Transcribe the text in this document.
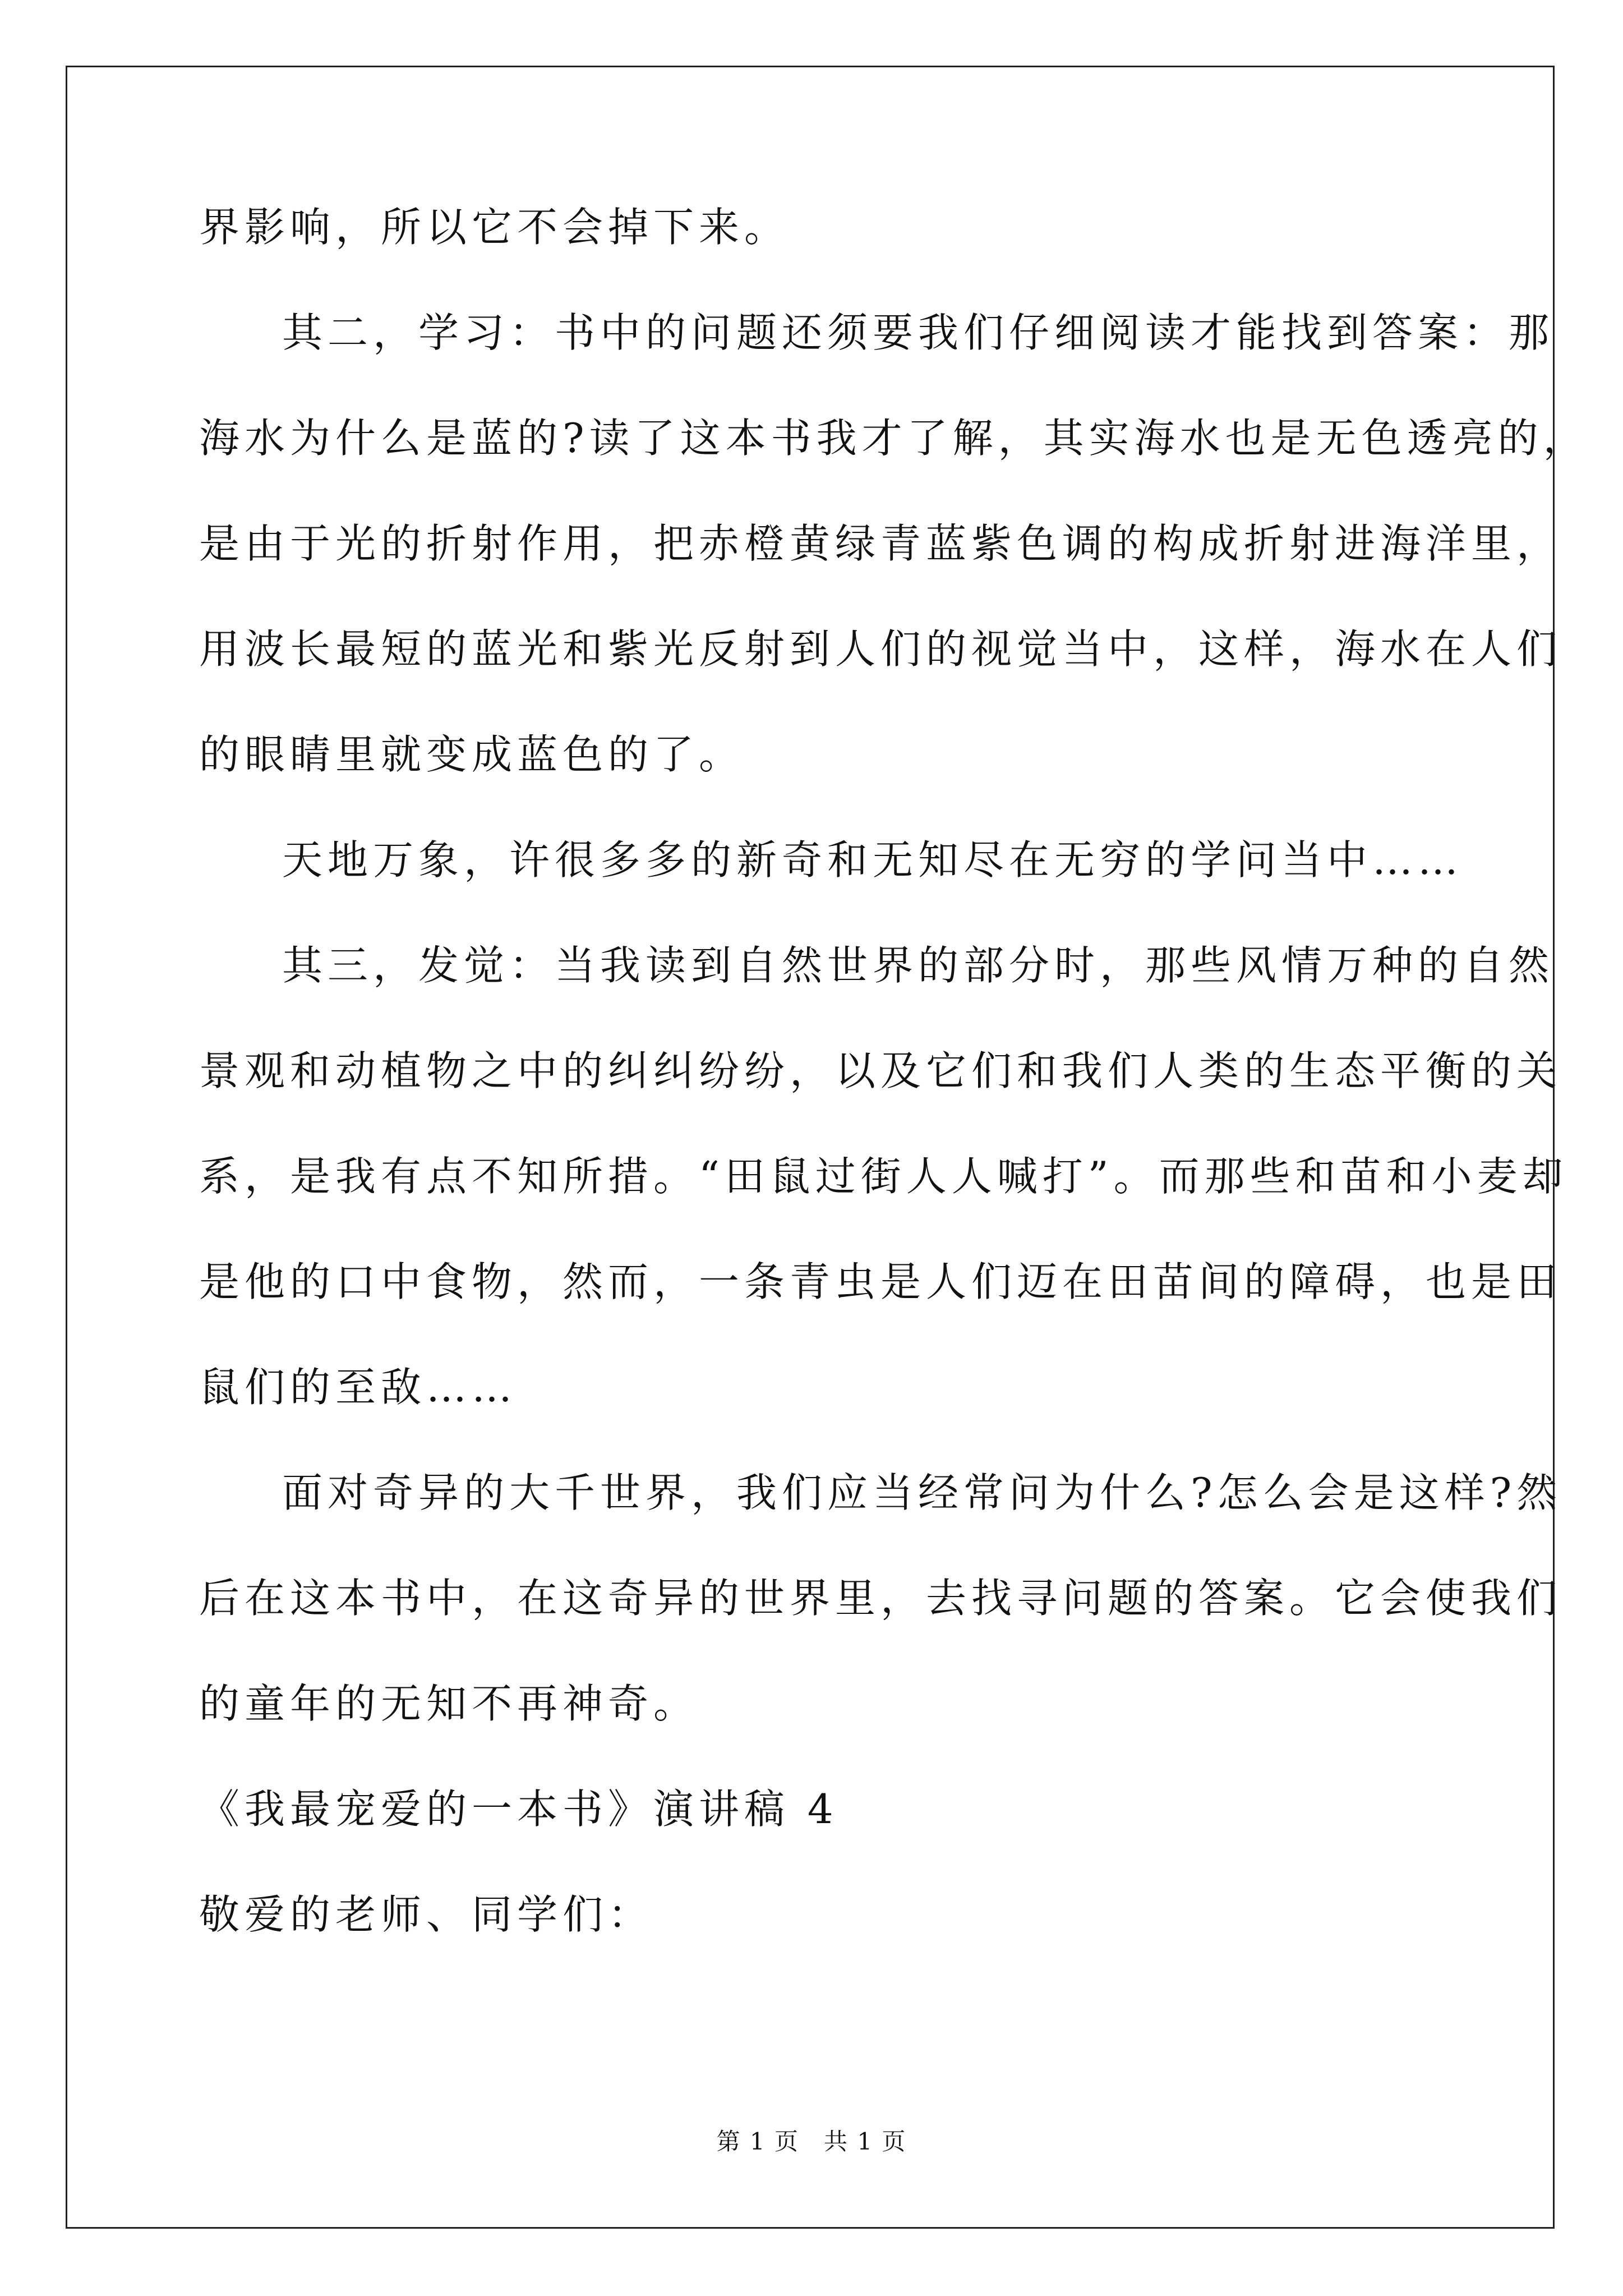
界影响，所以它不会掉下来。
其二，学习：书中的问题还须要我们仔细阅读才能找到答案：那
海水为什么是蓝的?读了这本书我才了解，其实海水也是无色透亮的，
是由于光的折射作用，把赤橙黄绿青蓝紫色调的构成折射进海洋里，
用波长最短的蓝光和紫光反射到人们的视觉当中，这样，海水在人们
的眼睛里就变成蓝色的了。
天地万象，许很多多的新奇和无知尽在无穷的学问当中……
其三，发觉：当我读到自然世界的部分时，那些风情万种的自然
景观和动植物之中的纠纠纷纷，以及它们和我们人类的生态平衡的关
系，是我有点不知所措。“田鼠过街人人喊打”。而那些和苗和小麦却
是他的口中食物，然而，一条青虫是人们迈在田苗间的障碍，也是田
鼠们的至敌……
面对奇异的大千世界，我们应当经常问为什么?怎么会是这样?然
后在这本书中，在这奇异的世界里，去找寻问题的答案。它会使我们
的童年的无知不再神奇。
《我最宠爱的一本书》演讲稿 4
敬爱的老师、同学们：
第 1 页　共 1 页
